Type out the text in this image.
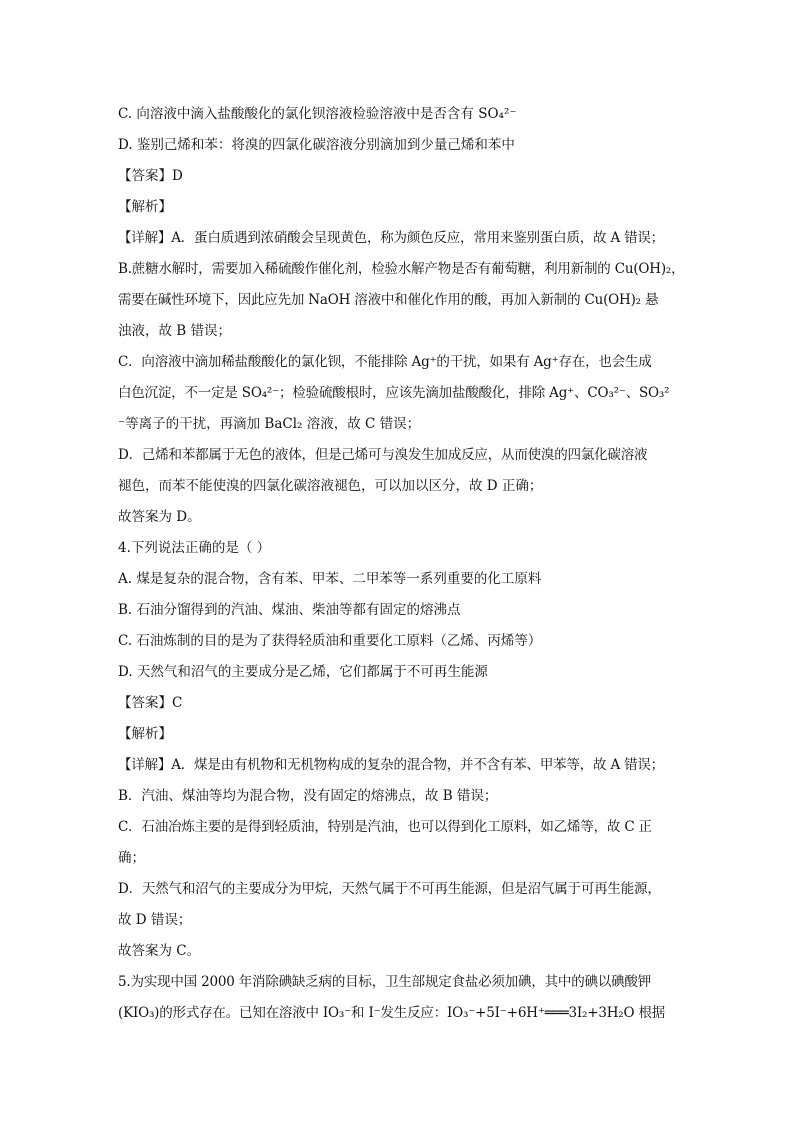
C. 向溶液中滴入盐酸酸化的氯化钡溶液检验溶液中是否含有 SO₄²⁻
D. 鉴别己烯和苯：将溴的四氯化碳溶液分别滴加到少量己烯和苯中
【答案】D
【解析】
【详解】A．蛋白质遇到浓硝酸会呈现黄色，称为颜色反应，常用来鉴别蛋白质，故 A 错误；
B.蔗糖水解时，需要加入稀硫酸作催化剂，检验水解产物是否有葡萄糖，利用新制的 Cu(OH)₂，
需要在碱性环境下，因此应先加 NaOH 溶液中和催化作用的酸，再加入新制的 Cu(OH)₂ 悬
浊液，故 B 错误；
C．向溶液中滴加稀盐酸酸化的氯化钡，不能排除 Ag⁺的干扰，如果有 Ag⁺存在，也会生成
白色沉淀，不一定是 SO₄²⁻；检验硫酸根时，应该先滴加盐酸酸化，排除 Ag⁺、CO₃²⁻、SO₃²
⁻等离子的干扰，再滴加 BaCl₂ 溶液，故 C 错误；
D．己烯和苯都属于无色的液体，但是己烯可与溴发生加成反应，从而使溴的四氯化碳溶液
褪色，而苯不能使溴的四氯化碳溶液褪色，可以加以区分，故 D 正确；
故答案为 D。
4.下列说法正确的是（ ）
A. 煤是复杂的混合物，含有苯、甲苯、二甲苯等一系列重要的化工原料
B. 石油分馏得到的汽油、煤油、柴油等都有固定的熔沸点
C. 石油炼制的目的是为了获得轻质油和重要化工原料（乙烯、丙烯等）
D. 天然气和沼气的主要成分是乙烯，它们都属于不可再生能源
【答案】C
【解析】
【详解】A．煤是由有机物和无机物构成的复杂的混合物，并不含有苯、甲苯等，故 A 错误；
B．汽油、煤油等均为混合物，没有固定的熔沸点，故 B 错误；
C．石油冶炼主要的是得到轻质油，特别是汽油，也可以得到化工原料，如乙烯等，故 C 正
确；
D．天然气和沼气的主要成分为甲烷，天然气属于不可再生能源，但是沼气属于可再生能源，
故 D 错误；
故答案为 C。
5.为实现中国 2000 年消除碘缺乏病的目标，卫生部规定食盐必须加碘，其中的碘以碘酸钾
(KIO₃)的形式存在。已知在溶液中 IO₃⁻和 I⁻发生反应：IO₃⁻+5I⁻+6H⁺═══3I₂+3H₂O 根据
